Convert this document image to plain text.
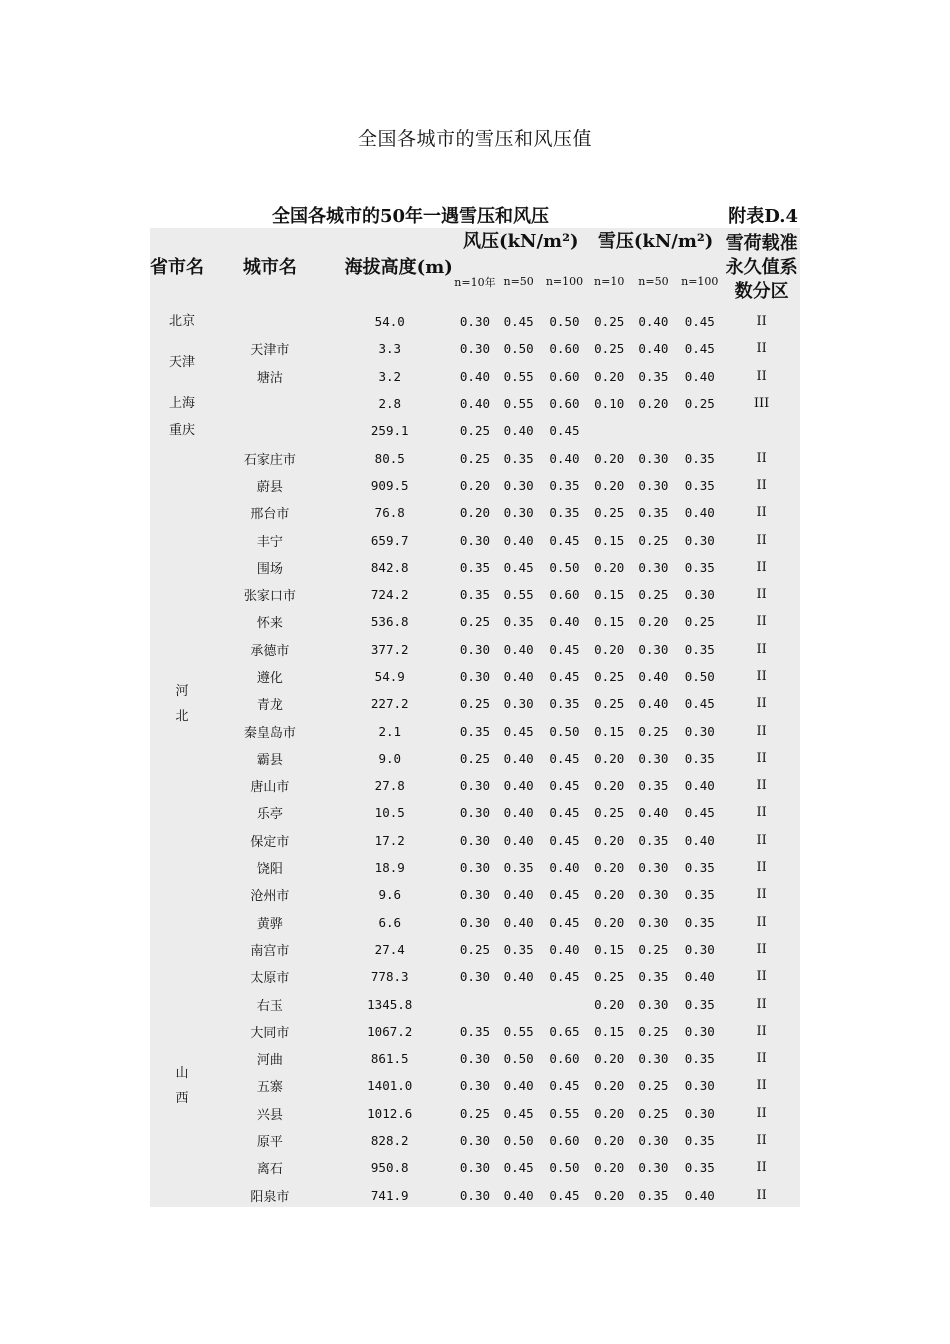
全国各城市的雪压和风压值
全国各城市的50年一遇雪压和风压	附表D.4
省市名	城市名	海拔高度(m)	风压(kN/m²)			雪压(kN/m²)			雪荷载准永久值系数分区
			n=10年	n=50	n=100	n=10	n=50	n=100	
北京		54.0	0.30	0.45	0.50	0.25	0.40	0.45	II
天津	天津市	3.3	0.30	0.50	0.60	0.25	0.40	0.45	II
	塘沽	3.2	0.40	0.55	0.60	0.20	0.35	0.40	II
上海		2.8	0.40	0.55	0.60	0.10	0.20	0.25	III
重庆		259.1	0.25	0.40	0.45				
河
北	石家庄市	80.5	0.25	0.35	0.40	0.20	0.30	0.35	II
	蔚县	909.5	0.20	0.30	0.35	0.20	0.30	0.35	II
	邢台市	76.8	0.20	0.30	0.35	0.25	0.35	0.40	II
	丰宁	659.7	0.30	0.40	0.45	0.15	0.25	0.30	II
	围场	842.8	0.35	0.45	0.50	0.20	0.30	0.35	II
	张家口市	724.2	0.35	0.55	0.60	0.15	0.25	0.30	II
	怀来	536.8	0.25	0.35	0.40	0.15	0.20	0.25	II
	承德市	377.2	0.30	0.40	0.45	0.20	0.30	0.35	II
	遵化	54.9	0.30	0.40	0.45	0.25	0.40	0.50	II
	青龙	227.2	0.25	0.30	0.35	0.25	0.40	0.45	II
	秦皇岛市	2.1	0.35	0.45	0.50	0.15	0.25	0.30	II
	霸县	9.0	0.25	0.40	0.45	0.20	0.30	0.35	II
	唐山市	27.8	0.30	0.40	0.45	0.20	0.35	0.40	II
	乐亭	10.5	0.30	0.40	0.45	0.25	0.40	0.45	II
	保定市	17.2	0.30	0.40	0.45	0.20	0.35	0.40	II
	饶阳	18.9	0.30	0.35	0.40	0.20	0.30	0.35	II
	沧州市	9.6	0.30	0.40	0.45	0.20	0.30	0.35	II
	黄骅	6.6	0.30	0.40	0.45	0.20	0.30	0.35	II
	南宫市	27.4	0.25	0.35	0.40	0.15	0.25	0.30	II
山
西	太原市	778.3	0.30	0.40	0.45	0.25	0.35	0.40	II
	右玉	1345.8				0.20	0.30	0.35	II
	大同市	1067.2	0.35	0.55	0.65	0.15	0.25	0.30	II
	河曲	861.5	0.30	0.50	0.60	0.20	0.30	0.35	II
	五寨	1401.0	0.30	0.40	0.45	0.20	0.25	0.30	II
	兴县	1012.6	0.25	0.45	0.55	0.20	0.25	0.30	II
	原平	828.2	0.30	0.50	0.60	0.20	0.30	0.35	II
	离石	950.8	0.30	0.45	0.50	0.20	0.30	0.35	II
	阳泉市	741.9	0.30	0.40	0.45	0.20	0.35	0.40	II
